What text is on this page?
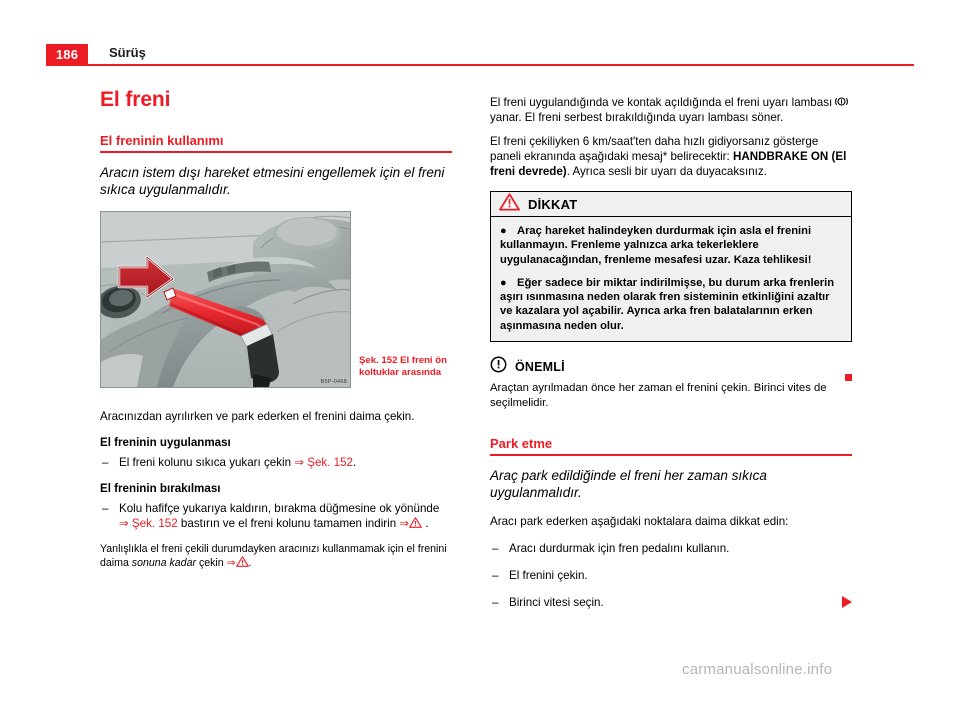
186	Sürüş
El freni
El freninin kullanımı

Aracın istem dışı hareket etmesini engellemek için el freni sıkıca uygulanmalıdır.

B5P-0468
Şek. 152 El freni ön koltuklar arasında

Aracınızdan ayrılırken ve park ederken el frenini daima çekin.

El freninin uygulanması
– El freni kolunu sıkıca yukarı çekin ⇒ Şek. 152.
El freninin bırakılması
– Kolu hafifçe yukarıya kaldırın, bırakma düğmesine ok yönünde ⇒ Şek. 152 bastırın ve el freni kolunu tamamen indirin ⇒
.

Yanlışlıkla el freni çekili durumdayken aracınızı kullanmamak için el frenini daima sonuna kadar çekin ⇒ .

El freni uygulandığında ve kontak açıldığında el freni uyarı lambası
yanar. El freni serbest bırakıldığında uyarı lambası söner.

El freni çekiliyken 6 km/saat'ten daha hızlı gidiyorsanız gösterge paneli ekranında aşağıdaki mesaj* belirecektir: HANDBRAKE ON (El freni devrede). Ayrıca sesli bir uyarı da duyacaksınız.

DİKKAT
● Araç hareket halindeyken durdurmak için asla el frenini kullanmayın. Frenleme yalnızca arka tekerleklere uygulanacağından, frenleme mesafesi uzar. Kaza tehlikesi!
● Eğer sadece bir miktar indirilmişse, bu durum arka frenlerin aşırı ısınmasına neden olarak fren sisteminin etkinliğini azaltır ve kazalara yol açabilir. Ayrıca arka fren balatalarının erken aşınmasına neden olur.
ÖNEMLİ

Araçtan ayrılmadan önce her zaman el frenini çekin. Birinci vites de seçilmelidir.

Park etme

Araç park edildiğinde el freni her zaman sıkıca uygulanmalıdır.

Aracı park ederken aşağıdaki noktalara daima dikkat edin:

– Aracı durdurmak için fren pedalını kullanın.
– El frenini çekin.
– Birinci vitesi seçin.
carmanualsonline.info
